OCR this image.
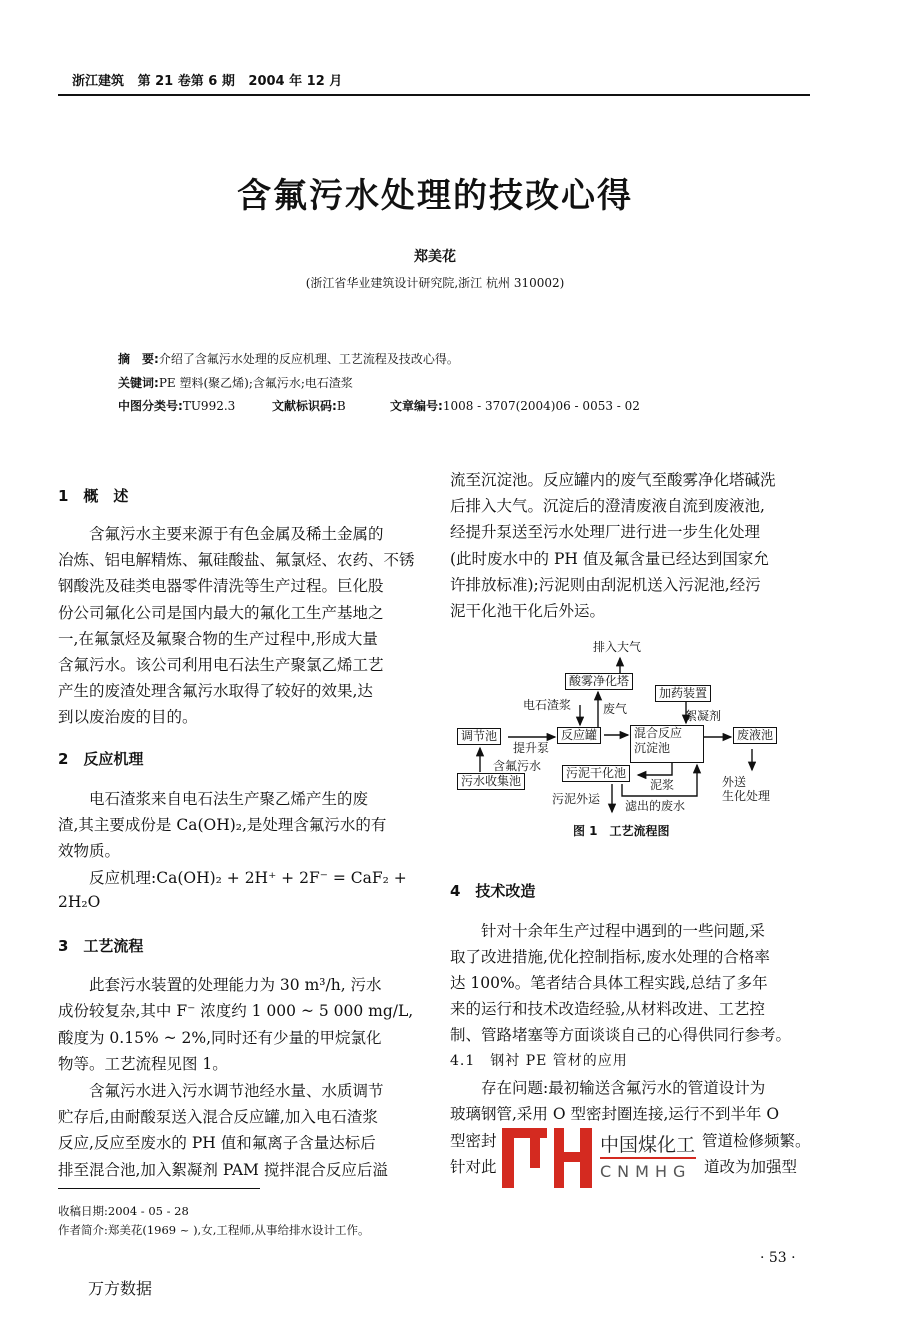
浙江建筑 第 21 卷第 6 期 2004 年 12 月
含氟污水处理的技改心得
郑美花
(浙江省华业建筑设计研究院,浙江 杭州 310002)
摘　要:介绍了含氟污水处理的反应机理、工艺流程及技改心得。
关键词:PE 塑料(聚乙烯);含氟污水;电石渣浆
中图分类号:TU992.3	文献标识码:B	文章编号:1008 - 3707(2004)06 - 0053 - 02
1　概　述
　　含氟污水主要来源于有色金属及稀土金属的
冶炼、铝电解精炼、氟硅酸盐、氟氯烃、农药、不锈
钢酸洗及硅类电器零件清洗等生产过程。巨化股
份公司氟化公司是国内最大的氟化工生产基地之
一,在氟氯烃及氟聚合物的生产过程中,形成大量
含氟污水。该公司利用电石法生产聚氯乙烯工艺
产生的废渣处理含氟污水取得了较好的效果,达
到以废治废的目的。
2　反应机理
　　电石渣浆来自电石法生产聚乙烯产生的废
渣,其主要成份是 Ca(OH)₂,是处理含氟污水的有
效物质。
　　反应机理:Ca(OH)₂ + 2H⁺ + 2F⁻ = CaF₂ +
2H₂O
3　工艺流程
　　此套污水装置的处理能力为 30 m³/h, 污水
成份较复杂,其中 F⁻ 浓度约 1 000 ~ 5 000 mg/L,
酸度为 0.15% ~ 2%,同时还有少量的甲烷氯化
物等。工艺流程见图 1。
　　含氟污水进入污水调节池经水量、水质调节
贮存后,由耐酸泵送入混合反应罐,加入电石渣浆
反应,反应至废水的 PH 值和氟离子含量达标后
排至混合池,加入絮凝剂 PAM 搅拌混合反应后溢
收稿日期:2004 - 05 - 28
作者简介:郑美花(1969 ~ ),女,工程师,从事给排水设计工作。
流至沉淀池。反应罐内的废气至酸雾净化塔碱洗
后排入大气。沉淀后的澄清废液自流到废液池,
经提升泵送至污水处理厂进行进一步生化处理
(此时废水中的 PH 值及氟含量已经达到国家允
许排放标准);污泥则由刮泥机送入污泥池,经污
泥干化池干化后外运。
排入大气
酸雾净化塔
加药装置
电石渣浆	废气	絮凝剂
调节池	反应罐	混合反应
沉淀池
废液池
提升泵
含氟污水
污水收集池
污泥干化池
泥浆	外送
生化处理
污泥外运 滤出的废水
图 1　工艺流程图
4　技术改造
　　针对十余年生产过程中遇到的一些问题,采
取了改进措施,优化控制指标,废水处理的合格率
达 100%。笔者结合具体工程实践,总结了多年
来的运行和技术改造经验,从材料改进、工艺控
制、管路堵塞等方面谈谈自己的心得供同行参考。
4.1　钢衬 PE 管材的应用
　　存在问题:最初输送含氟污水的管道设计为
玻璃钢管,采用 O 型密封圈连接,运行不到半年 O
型密封
针对此
中国煤化工
CNMHG
管道检修频繁。
道改为加强型
· 53 ·
万方数据
